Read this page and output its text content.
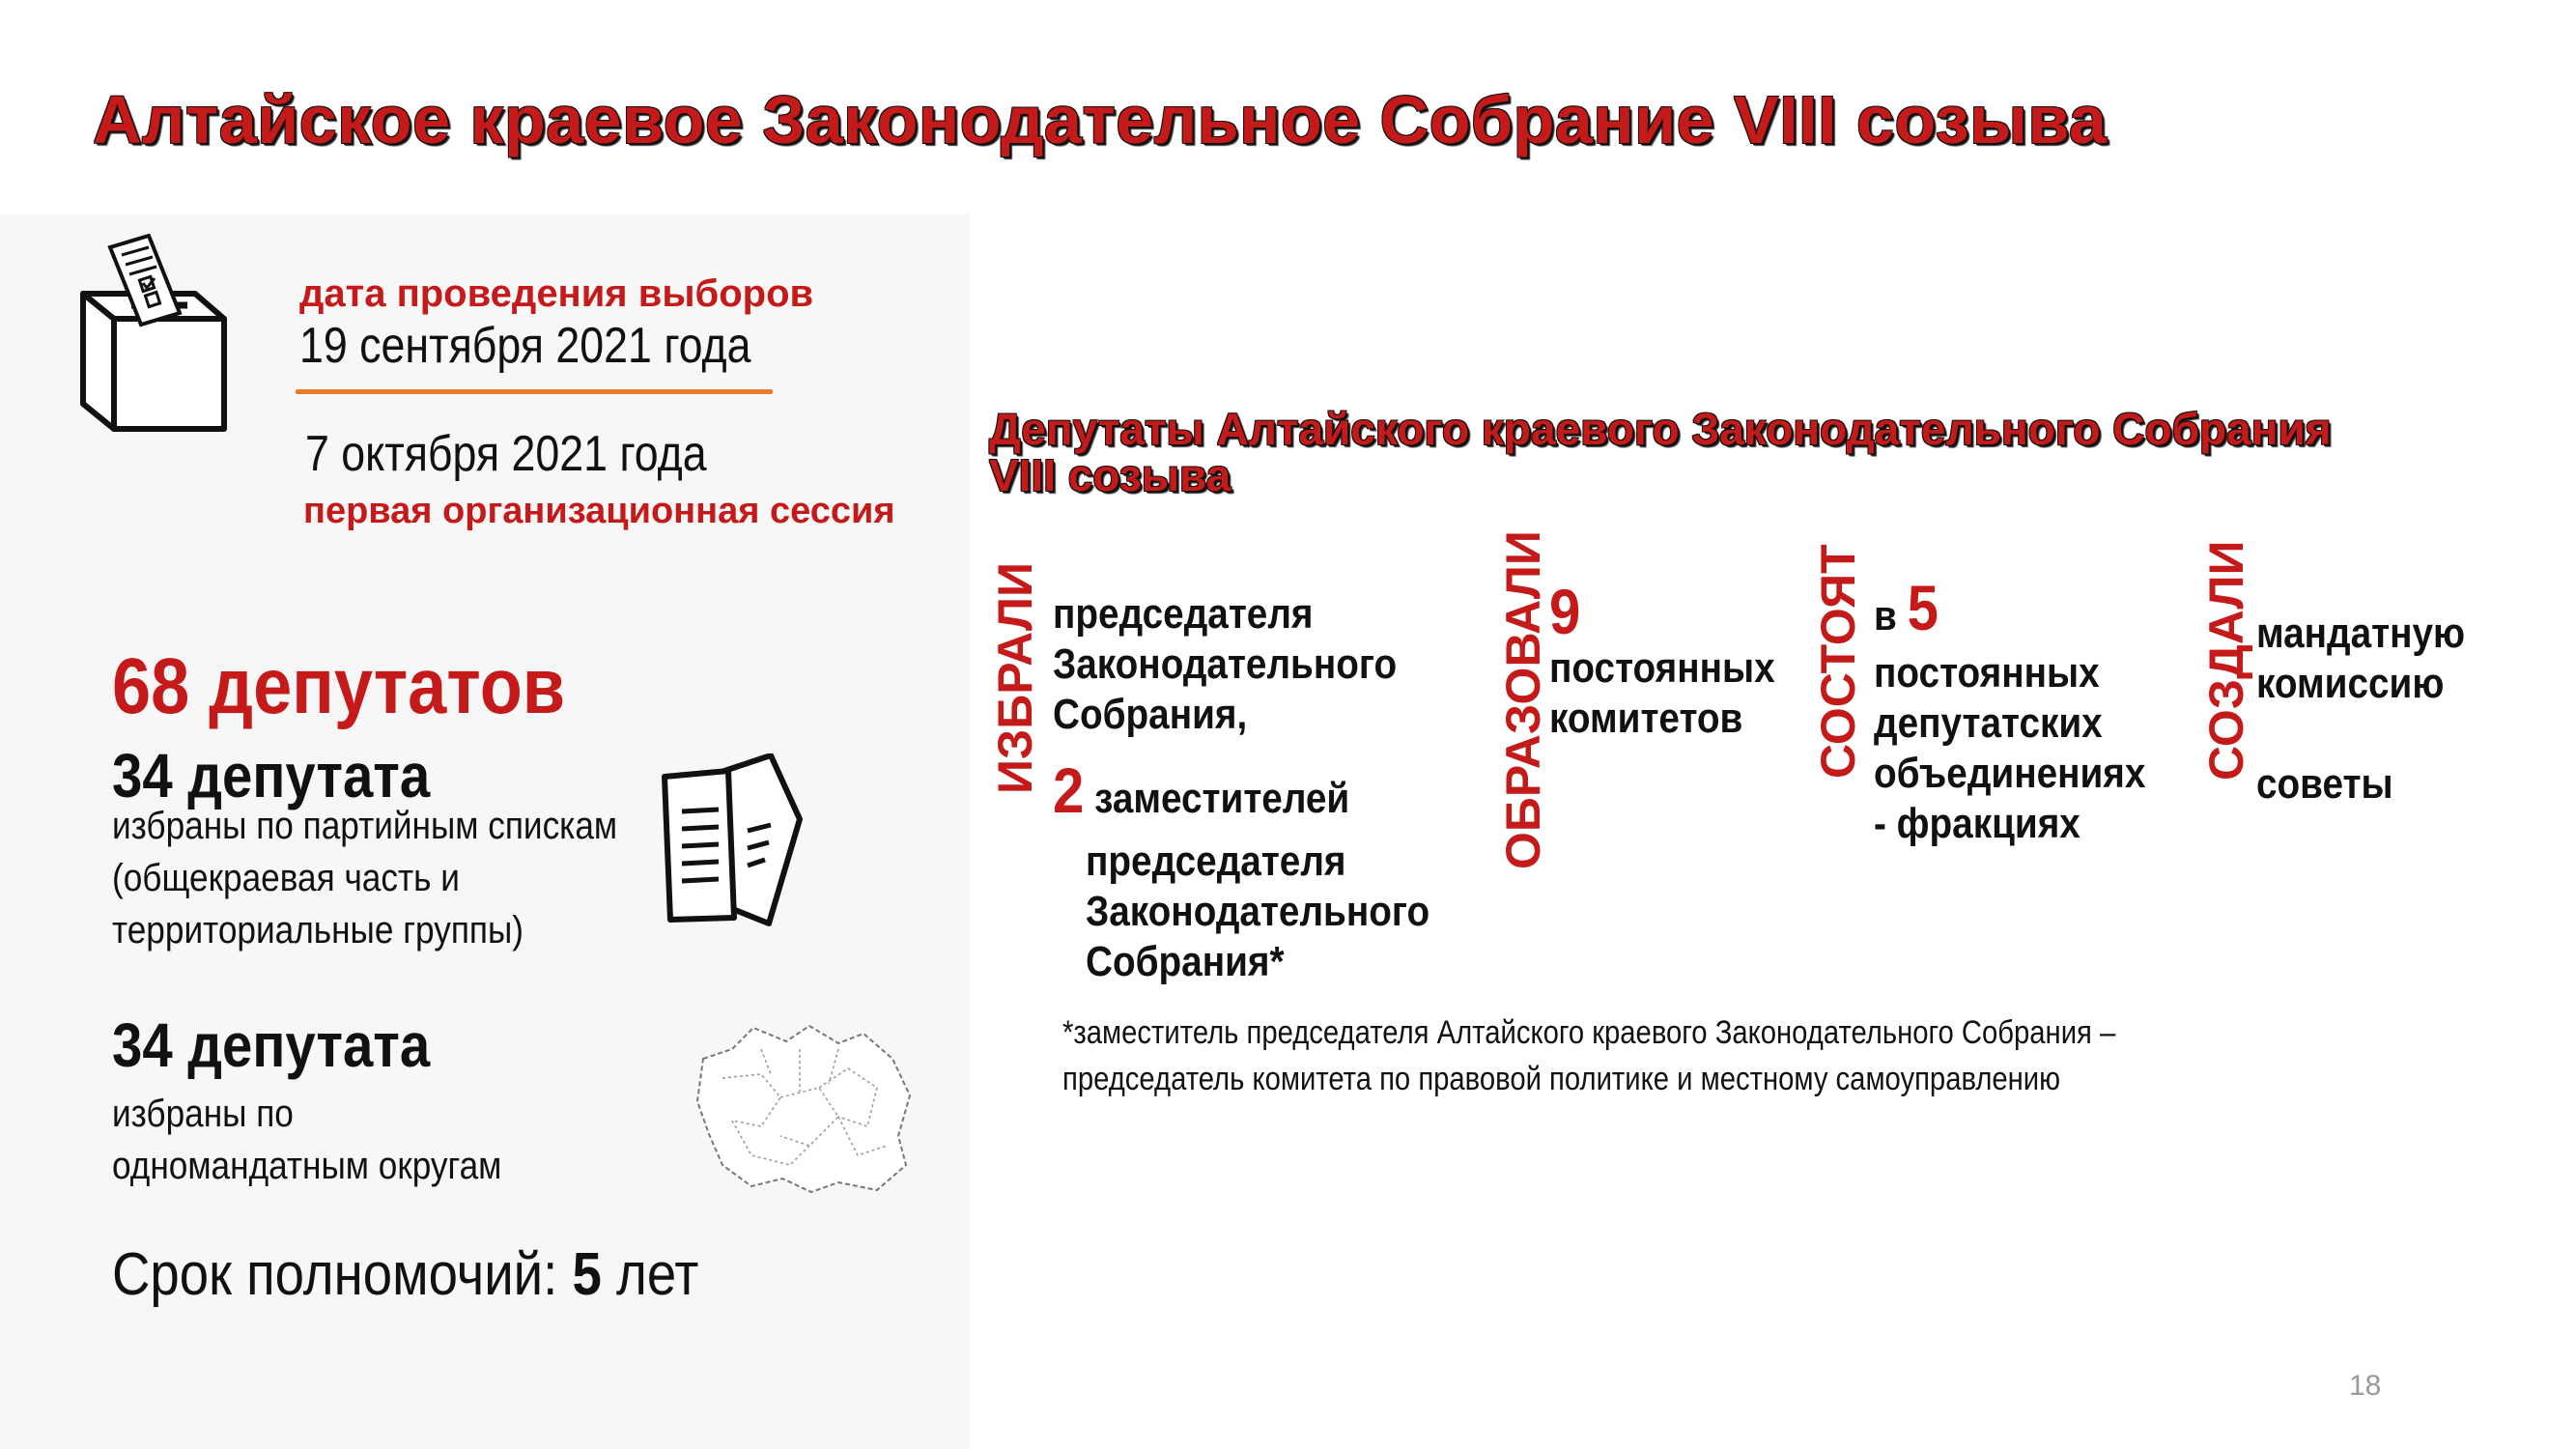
Алтайское краевое Законодательное Собрание VIII созыва
дата проведения выборов
19 сентября 2021 года
7 октября 2021 года
первая организационная сессия
68 депутатов
34 депутата
избраны по партийным спискам
(общекраевая часть и
территориальные группы)
34 депутата
избраны по
одномандатным округам
Срок полномочий: 5 лет
Депутаты Алтайского краевого Законодательного Собрания
VIII созыва
ИЗБРАЛИ председателя
Законодательного
Собрания,
2 заместителей
председателя
Законодательного
Собрания*
ОБРАЗОВАЛИ 9
постоянных
комитетов	СОСТОЯТ в 5
постоянных
депутатских
объединениях
- фракциях
СОЗДАЛИ мандатную
комиссию
советы
*заместитель председателя Алтайского краевого Законодательного Собрания –
председатель комитета по правовой политике и местному самоуправлению
18
